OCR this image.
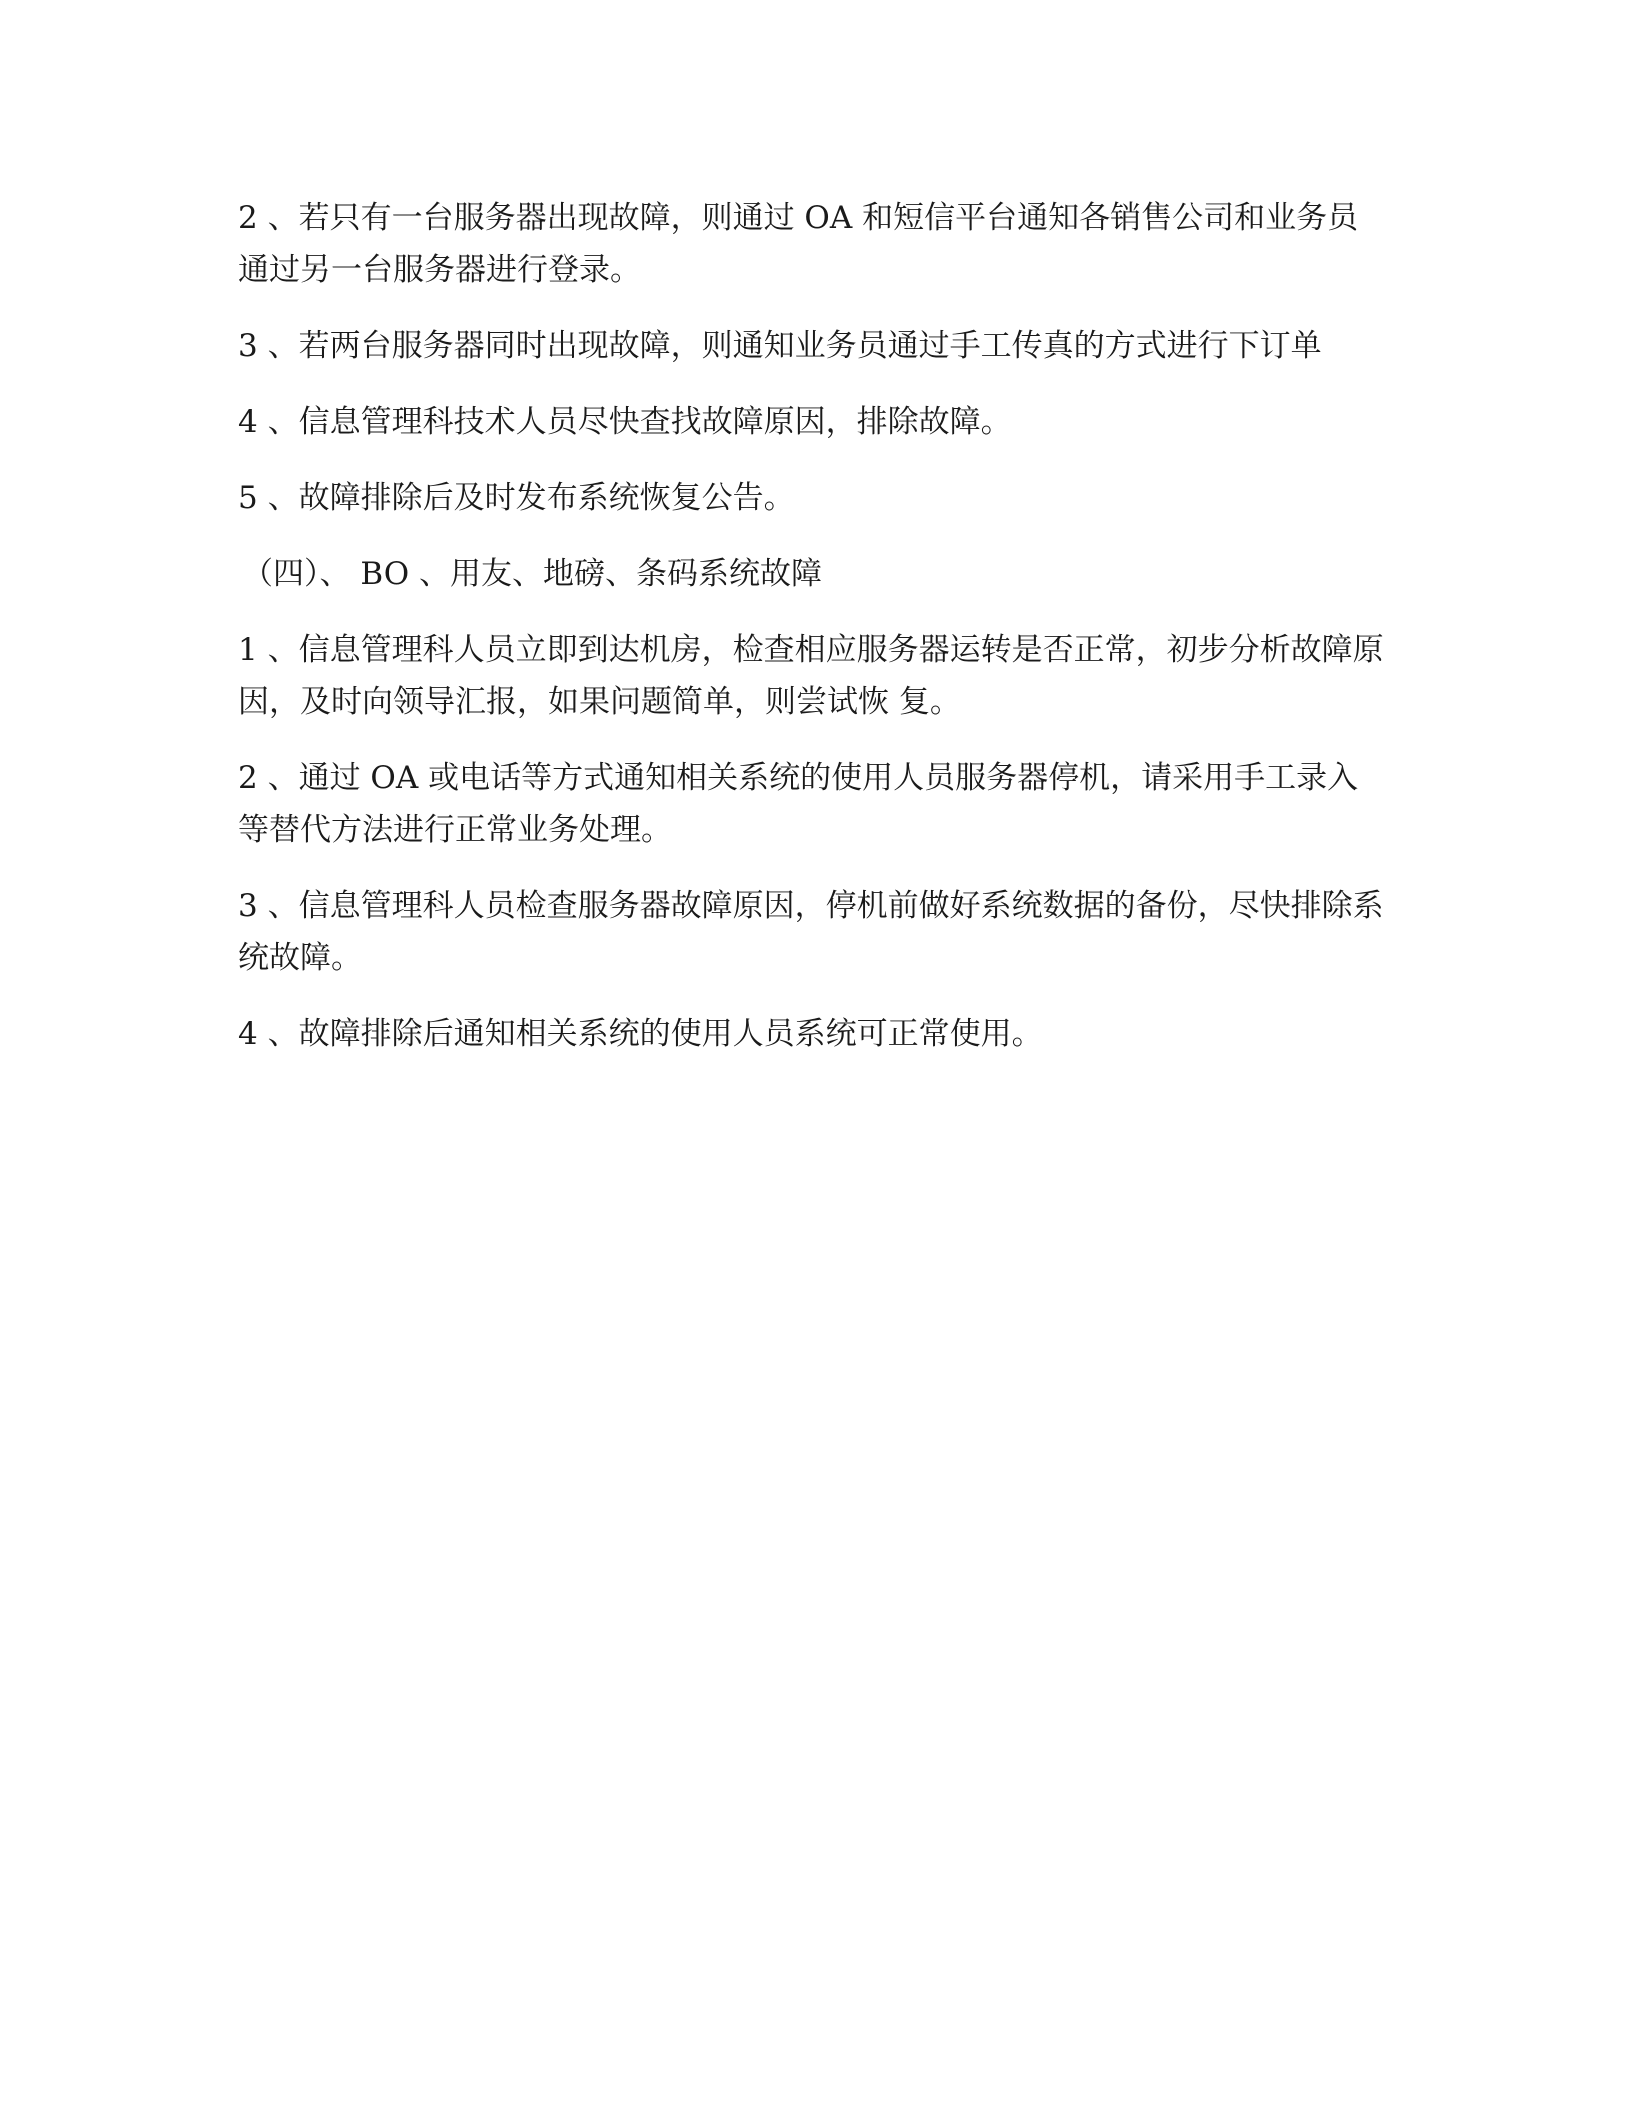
2 、若只有一台服务器出现故障，则通过 OA 和短信平台通知各销售公司和业务员通过另一台服务器进行登录。

3 、若两台服务器同时出现故障，则通知业务员通过手工传真的方式进行下订单

4 、信息管理科技术人员尽快查找故障原因，排除故障。

5 、故障排除后及时发布系统恢复公告。

（四）、 BO 、用友、地磅、条码系统故障

1 、信息管理科人员立即到达机房，检查相应服务器运转是否正常，初步分析故障原因，及时向领导汇报，如果问题简单，则尝试恢 复。

2 、通过 OA 或电话等方式通知相关系统的使用人员服务器停机，请采用手工录入等替代方法进行正常业务处理。

3 、信息管理科人员检查服务器故障原因，停机前做好系统数据的备份，尽快排除系统故障。

4 、故障排除后通知相关系统的使用人员系统可正常使用。
